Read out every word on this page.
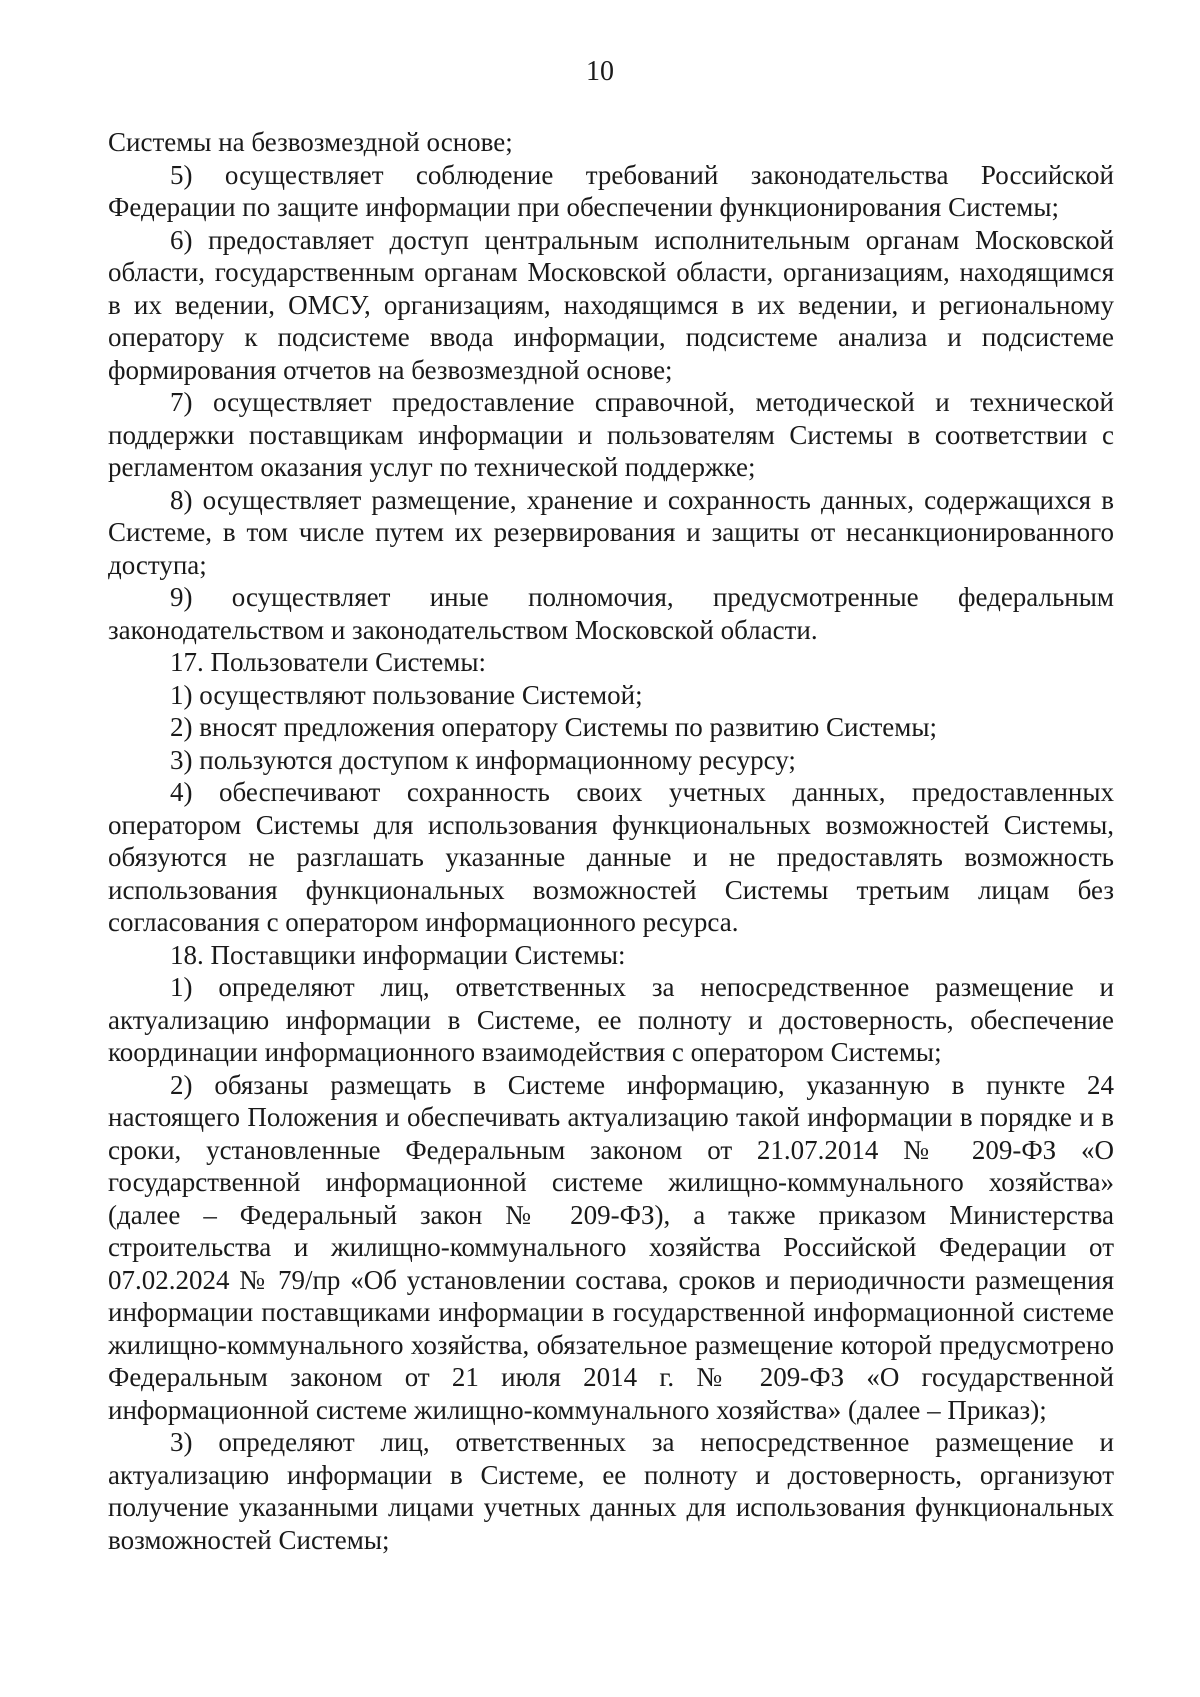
10

Системы на безвозмездной основе;

5) осуществляет соблюдение требований законодательства Российской Федерации по защите информации при обеспечении функционирования Системы;

6) предоставляет доступ центральным исполнительным органам Московской области, государственным органам Московской области, организациям, находящимся в их ведении, ОМСУ, организациям, находящимся в их ведении, и региональному оператору к подсистеме ввода информации, подсистеме анализа и подсистеме формирования отчетов на безвозмездной основе;

7) осуществляет предоставление справочной, методической и технической поддержки поставщикам информации и пользователям Системы в соответствии с регламентом оказания услуг по технической поддержке;

8) осуществляет размещение, хранение и сохранность данных, содержащихся в Системе, в том числе путем их резервирования и защиты от несанкционированного доступа;

9) осуществляет иные полномочия, предусмотренные федеральным законодательством и законодательством Московской области.

17. Пользователи Системы:

1) осуществляют пользование Системой;

2) вносят предложения оператору Системы по развитию Системы;

3) пользуются доступом к информационному ресурсу;

4) обеспечивают сохранность своих учетных данных, предоставленных оператором Системы для использования функциональных возможностей Системы, обязуются не разглашать указанные данные и не предоставлять возможность использования функциональных возможностей Системы третьим лицам без согласования с оператором информационного ресурса.

18. Поставщики информации Системы:

1) определяют лиц, ответственных за непосредственное размещение и актуализацию информации в Системе, ее полноту и достоверность, обеспечение координации информационного взаимодействия с оператором Системы;

2) обязаны размещать в Системе информацию, указанную в пункте 24 настоящего Положения и обеспечивать актуализацию такой информации в порядке и в сроки, установленные Федеральным законом от 21.07.2014 № 209-ФЗ «О государственной информационной системе жилищно-коммунального хозяйства» (далее – Федеральный закон № 209-ФЗ), а также приказом Министерства строительства и жилищно-коммунального хозяйства Российской Федерации от 07.02.2024 № 79/пр «Об установлении состава, сроков и периодичности размещения информации поставщиками информации в государственной информационной системе жилищно-коммунального хозяйства, обязательное размещение которой предусмотрено Федеральным законом от 21 июля 2014 г. № 209-ФЗ «О государственной информационной системе жилищно-коммунального хозяйства» (далее – Приказ);

3) определяют лиц, ответственных за непосредственное размещение и актуализацию информации в Системе, ее полноту и достоверность, организуют получение указанными лицами учетных данных для использования функциональных возможностей Системы;
